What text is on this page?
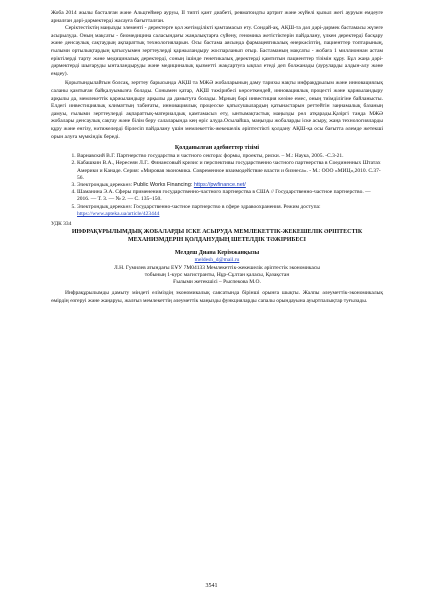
Жоба 2014 жылы басталған және Альцгеймер ауруы, II типті қант диабеті, ревматоидты артрит және жүйелі қызыл жегі ауруын емдеуге арналған дәрі-дәрмектерді жасауға бағытталған.

Серіктестіктің маңызды элементі - деректерге қол жетімділікті қамтамасыз ету. Сондай-ақ, АҚШ-та дәл дәрі-дәрмек бастамасы жүзеге асырылуда. Оның мақсаты - биомедицина салаcындағы жаңалықтарға сүйену, геномика жетістіктерін пайдалану, үлкен деректерді басқару және денсаулық сақтаудың ақпараттық технологияларын. Осы бастама аясында фармацевтикалық өнеркәсіптің, пациенттер топтарының, ғылыми ортылықтардың қатысуымен зерттеулерді қаржыландыру жоспарланып отыр. Бастаманың мақсаты - жобаға 1 миллионнан астам еріктілерді тарту және медициналық деректерді, соның ішінде генетикалық деректерді қамтитын пациенттер тізімін құру. Бұл жаңа дәрі-дәрмектерді шығаруды ынталандыруды және медициналық қызметті жақсартуға ықпал етеді деп болжанады (ауруларды алдын-алу және емдеу).

Қорытындылайтын болсақ, зерттеу барысында АҚШ та МЖӘ жобаларының даму тарихы нақты инфрақұрылым және инновациялық саланы қамтыған байқалуымызға болады. Сонымен қатар, АҚШ тәжірибесі көрсеткендей, инновациялық процесті және қаржыландыру арқылы да, мемлекеттік қаржыландыру арқылы да дамытуға болады. Мұның бәрі инвестиция көзіне емес, оның тиімділігіне байланысты. Елдегі инвестициялық климаттың табиғаты, инновациялық процесске қатысушылардың қатынастарын реттейтін заңнамалық базаның дамуы, ғылыми зерттеулерді ақпараттық-материалдық қамтамасыз ету, ынтымақтастық маңызды рөл атқарады.Қазіргі таңда МЖӘ жобалары денсаулық сақтау және білім беру салаларында кең өріс алуда.Осылайша, маңызды жобаларды іске асыру, жаңа технологияларды құру және енгізу, нәтижелерді бірлесіп пайдалану үшін мемлекеттік-жекешелік әріптестікті қолдану АҚШ-қа осы бағытта әлемде жетекші орын алуға мүмкіндік береді.

Қолданылған әдебиеттер тізімі
1. Варнавский В.Г. Партнерство государства и частного сектора: формы, проекты, риски. – М.: Наука, 2005. -С.3-21.
2. Кабашкин В.А., Нересеян Л.Г.. Финансовый кризис и перспективы государственно частного партнерства в Соединенных Штатах Америки и Канаде. Серия: «Мировая экономика. Современное взаимодействие власти и бизнеса». - М.: ООО «МИЦ»,2010. С.37-56.
3. Электрондық дереккөз: Public Works Financing: https://pwfinance.net/
4. Шаманина Э.А. Сферы применения государственно-частного партнерства в США // Государственно-частное партнерство. — 2016. — Т. 3. — № 2. — С. 135–150.
5. Электрондық дереккөз: Государственно-частное партнерство в сфере здравоохранения. Режим доступа: https://www.apteka.ua/article/423444
УДК 334
ИНФРАҚҰРЫЛЫМДЫҚ ЖОБАЛАРДЫ ІСКЕ АСЫРУДА МЕМЛЕКЕТТІК-ЖЕКЕШЕЛІК ӘРІПТЕСТІК МЕХАНИЗМДЕРІН ҚОЛДАНУДЫҢ ШЕТЕЛДІК ТӘЖІРИБЕСІ
Мелдеш Диана Керімжанқызы
meldesh_d@mail.ru
Л.Н. Гумилев атындағы ЕҰУ 7М04133 Мемлекеттік-жекешелік әріптестік экономикасы
тобының 1-курс магистранты, Нұр-Сұлтан қаласы, Қазақстан
Ғылыми жетекшісі – Рыспекова М.О.

Инфрақұрылымды дамыту міндеті еліміздің экономикалық саясатында бірінші орынға шықты. Жалпы әлеуметтік-экономикалық өмірдің өзгеруі және жаңаруы, жалғыз мемлекеттің әлеуметтік маңызды функцияларды сапалы орындауына ауыртпалықтар туғызады.

3541
